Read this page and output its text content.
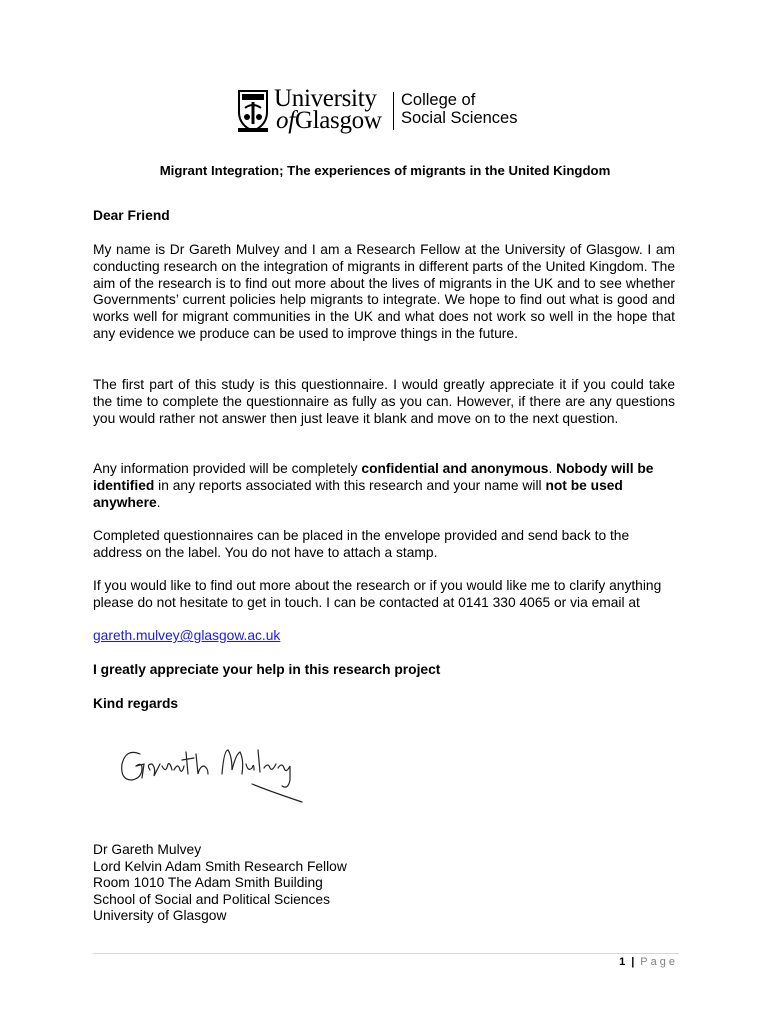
University
ofGlasgow
College of
Social Sciences
Migrant Integration; The experiences of migrants in the United Kingdom

Dear Friend

My name is Dr Gareth Mulvey and I am a Research Fellow at the University of Glasgow. I am conducting research on the integration of migrants in different parts of the United Kingdom. The aim of the research is to find out more about the lives of migrants in the UK and to see whether Governments’ current policies help migrants to integrate. We hope to find out what is good and works well for migrant communities in the UK and what does not work so well in the hope that any evidence we produce can be used to improve things in the future.

The first part of this study is this questionnaire. I would greatly appreciate it if you could take the time to complete the questionnaire as fully as you can. However, if there are any questions you would rather not answer then just leave it blank and move on to the next question.

Any information provided will be completely confidential and anonymous. Nobody will be identified in any reports associated with this research and your name will not be used anywhere.

Completed questionnaires can be placed in the envelope provided and send back to the address on the label. You do not have to attach a stamp.

If you would like to find out more about the research or if you would like me to clarify anything please do not hesitate to get in touch. I can be contacted at 0141 330 4065 or via email at

gareth.mulvey@glasgow.ac.uk

I greatly appreciate your help in this research project

Kind regards

Dr Gareth Mulvey
Lord Kelvin Adam Smith Research Fellow
Room 1010 The Adam Smith Building
School of Social and Political Sciences
University of Glasgow
1 | Page
